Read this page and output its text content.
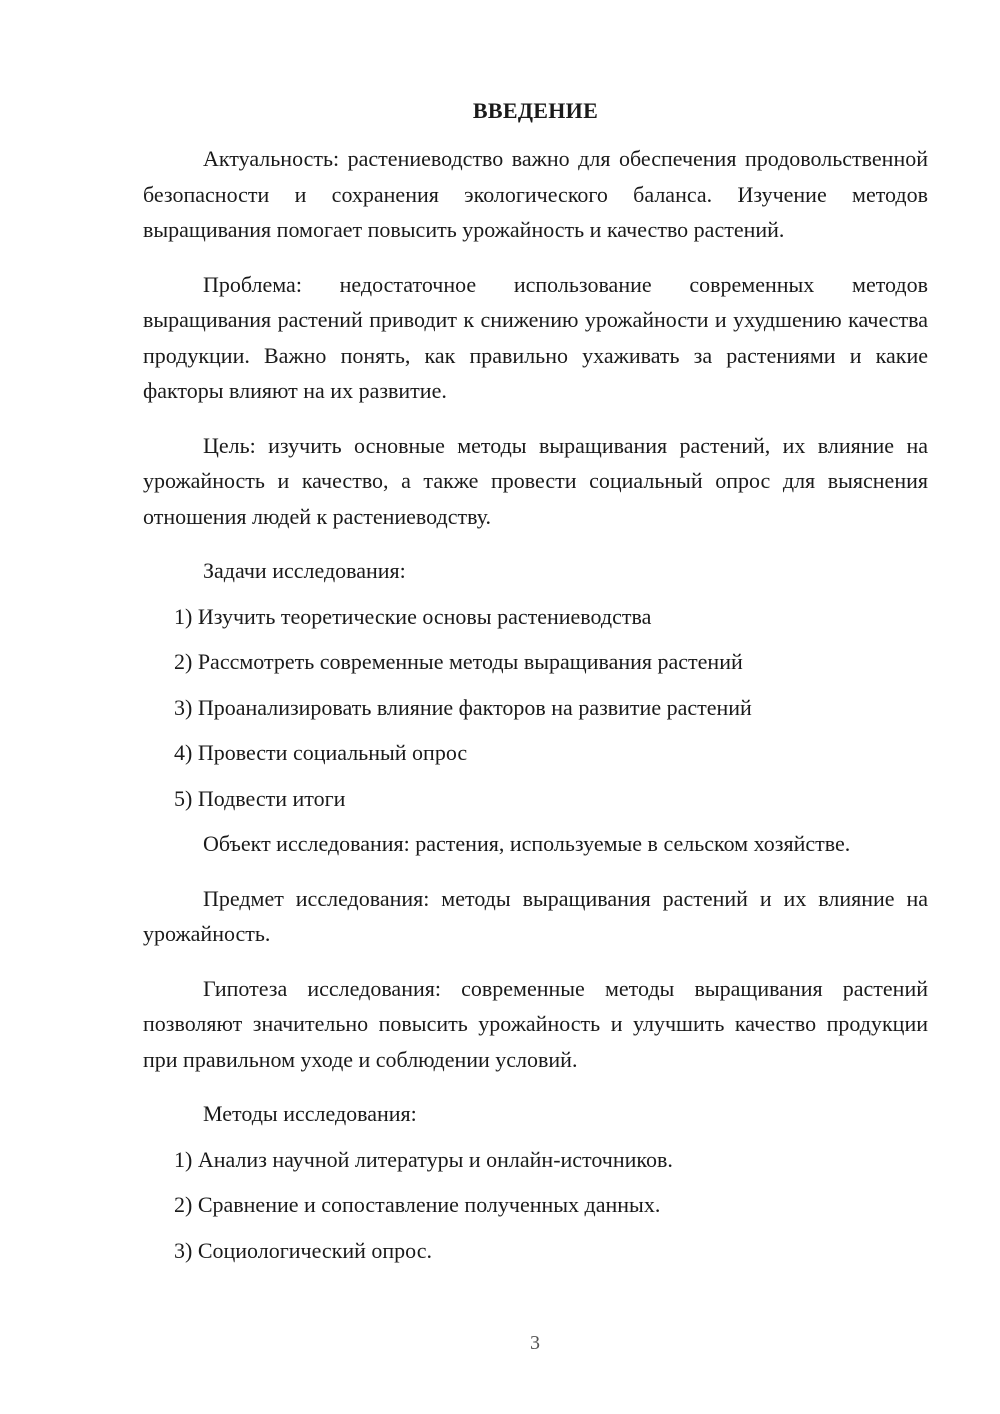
ВВЕДЕНИЕ

Актуальность: растениеводство важно для обеспечения продовольственной безопасности и сохранения экологического баланса. Изучение методов выращивания помогает повысить урожайность и качество растений.

Проблема: недостаточное использование современных методов выращивания растений приводит к снижению урожайности и ухудшению качества продукции. Важно понять, как правильно ухаживать за растениями и какие факторы влияют на их развитие.

Цель: изучить основные методы выращивания растений, их влияние на урожайность и качество, а также провести социальный опрос для выяснения отношения людей к растениеводству.

Задачи исследования:

1) Изучить теоретические основы растениеводства
2) Рассмотреть современные методы выращивания растений
3) Проанализировать влияние факторов на развитие растений
4) Провести социальный опрос
5) Подвести итоги

Объект исследования: растения, используемые в сельском хозяйстве.

Предмет исследования: методы выращивания растений и их влияние на урожайность.

Гипотеза исследования: современные методы выращивания растений позволяют значительно повысить урожайность и улучшить качество продукции при правильном уходе и соблюдении условий.

Методы исследования:

1) Анализ научной литературы и онлайн-источников.
2) Сравнение и сопоставление полученных данных.
3) Социологический опрос.
3
